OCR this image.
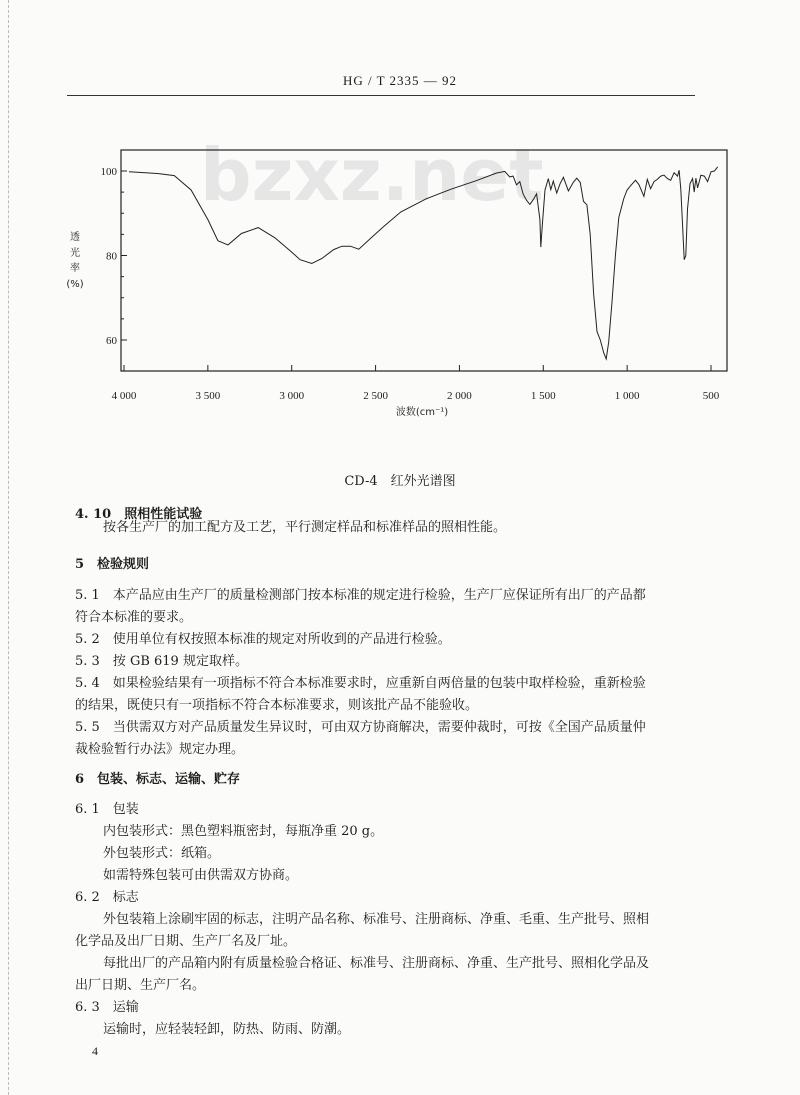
HG / T 2335 — 92
bzxz.net
100
80
60
4 000	3 500	3 000	2 500	2 000	1 500	1 000	500
透
光
率
(%)
波数(cm⁻¹)
CD-4　红外光谱图
4. 10　照相性能试验
按各生产厂的加工配方及工艺，平行测定样品和标准样品的照相性能。
5　检验规则
5. 1　本产品应由生产厂的质量检测部门按本标准的规定进行检验，生产厂应保证所有出厂的产品都
符合本标准的要求。
5. 2　使用单位有权按照本标准的规定对所收到的产品进行检验。
5. 3　按 GB 619 规定取样。
5. 4　如果检验结果有一项指标不符合本标准要求时，应重新自两倍量的包装中取样检验，重新检验
的结果，既使只有一项指标不符合本标准要求，则该批产品不能验收。
5. 5　当供需双方对产品质量发生异议时，可由双方协商解决，需要仲裁时，可按《全国产品质量仲
裁检验暂行办法》规定办理。
6　包装、标志、运输、贮存
6. 1　包装
内包装形式：黑色塑料瓶密封，每瓶净重 20 g。
外包装形式：纸箱。
如需特殊包装可由供需双方协商。
6. 2　标志
外包装箱上涂刷牢固的标志，注明产品名称、标准号、注册商标、净重、毛重、生产批号、照相
化学品及出厂日期、生产厂名及厂址。
每批出厂的产品箱内附有质量检验合格证、标准号、注册商标、净重、生产批号、照相化学品及
出厂日期、生产厂名。
6. 3　运输
运输时，应轻装轻卸，防热、防雨、防潮。
4
